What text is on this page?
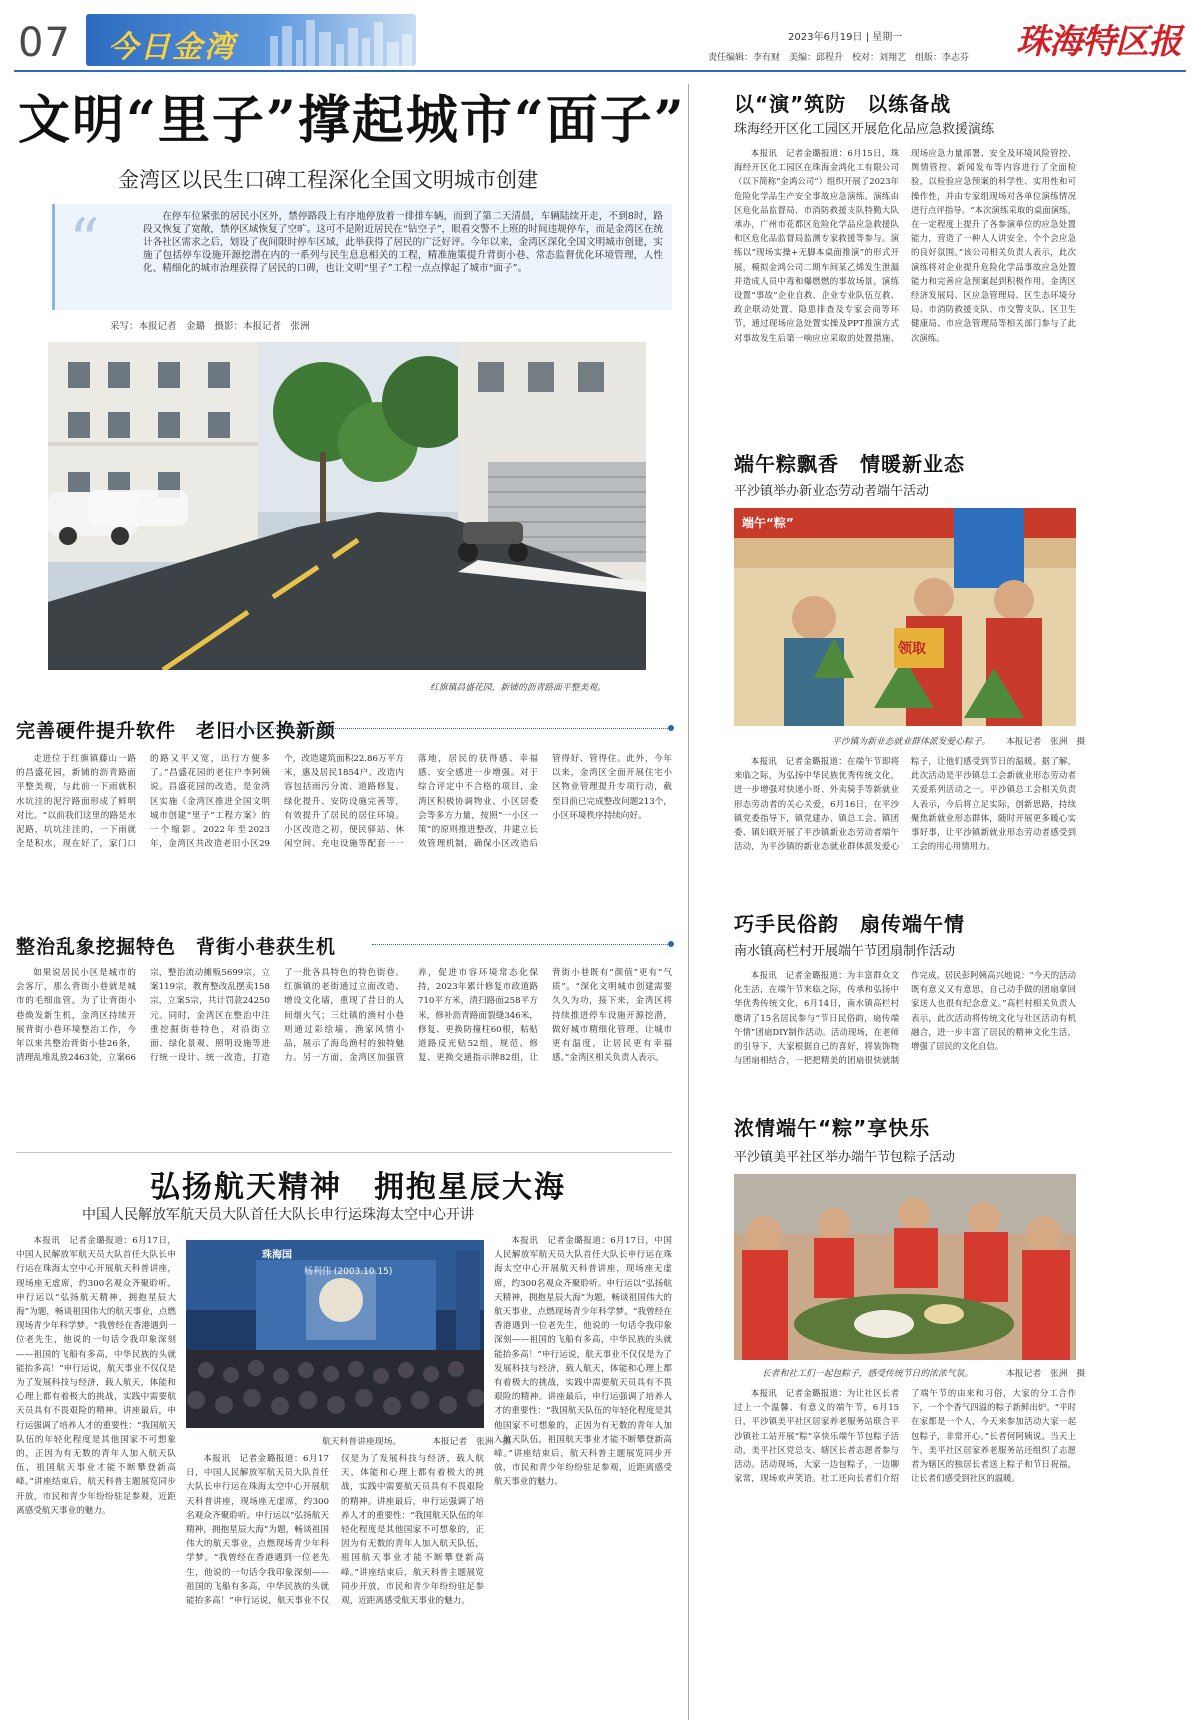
07 今日金湾	2023年6月19日 | 星期一
责任编辑：李有财　美编：邱程升　校对：刘翔艺　组版：李志芬 珠海特区报
文明“里子”撑起城市“面子”
金湾区以民生口碑工程深化全国文明城市创建
“	在停车位紧张的居民小区外，禁停路段上有序地停放着一排排车辆，而到了第二天清晨，车辆陆续开走，不到8时，路段又恢复了宽敞，禁停区域恢复了空旷。这可不是附近居民在“钻空子”，眼看交警不上班的时间违规停车，而是金湾区在统计各社区需求之后，划设了夜间限时停车区域，此举获得了居民的广泛好评。今年以来，金湾区深化全国文明城市创建，实施了包括停车设施开源挖潜在内的一系列与民生息息相关的工程，精准施策提升背街小巷、常态监督优化环境管理，人性化、精细化的城市治理获得了居民的口碑，也让文明“里子”工程一点点撑起了城市“面子”。
采写：本报记者　金璐　摄影：本报记者　张洲
红旗镇昌盛花园，新铺的沥青路面平整美观。
完善硬件提升软件　老旧小区换新颜
走进位于红旗镇藤山一路的昌盛花园，新铺的沥青路面平整美观，与此前一下雨就积水坑洼的泥泞路面形成了鲜明对比。“以前我们这里的路是水泥路，坑坑洼洼的，一下雨就全是积水，现在好了，家门口的路又平又宽，出行方便多了。”昌盛花园的老住户李阿姨说。昌盛花园的改造，是金湾区实施《金湾区推进全国文明城市创建“里子”工程方案》的一个缩影。2022年至2023年，金湾区共改造老旧小区29个，改造建筑面积22.86万平方米，惠及居民1854户。改造内容包括雨污分流、道路修复、绿化提升、安防设施完善等，有效提升了居民的居住环境。小区改造之初，便民驿站、休闲空间、充电设施等配套一一落地，居民的获得感、幸福感、安全感进一步增强。对于综合评定中不合格的项目，金湾区积极协调物业、小区居委会等多方力量，按照“一小区一策”的原则推进整改，并建立长效管理机制，确保小区改造后管得好、管得住。此外，今年以来，金湾区全面开展住宅小区物业管理提升专项行动，截至目前已完成整改问题213个，小区环境秩序持续向好。
整治乱象挖掘特色　背街小巷获生机
如果说居民小区是城市的会客厅，那么背街小巷就是城市的毛细血管。为了让背街小巷焕发新生机，金湾区持续开展背街小巷环境整治工作，今年以来共整治背街小巷26条，清理乱堆乱放2463处，立案66宗，整治流动摊贩5699宗，立案119宗，教育整改乱摆卖158宗，立案5宗，共计罚款24250元。同时，金湾区在整治中注重挖掘街巷特色，对沿街立面、绿化景观、照明设施等进行统一设计、统一改造，打造了一批各具特色的特色街巷。红旗镇的老街通过立面改造、增设文化墙，重现了昔日的人间烟火气；三灶镇的渔村小巷则通过彩绘墙、渔家风情小品，展示了海岛渔村的独特魅力。另一方面，金湾区加强管养，促进市容环境常态化保持，2023年累计修复市政道路710平方米，清扫路面258平方米，修补沥青路面裂缝346米，修复、更换防撞柱60根，粘贴道路反光贴52组，规范、修复、更换交通指示牌82组，让背街小巷既有“颜值”更有“气质”。“深化文明城市创建需要久久为功，接下来，金湾区将持续推进停车设施开源挖潜，做好城市精细化管理，让城市更有温度，让居民更有幸福感。”金湾区相关负责人表示。
弘扬航天精神　拥抱星辰大海
中国人民解放军航天员大队首任大队长申行运珠海太空中心开讲
本报讯　记者金璐报道：6月17日，中国人民解放军航天员大队首任大队长申行运在珠海太空中心开展航天科普讲座，现场座无虚席，约300名观众齐聚聆听。申行运以“弘扬航天精神，拥抱星辰大海”为题，畅谈祖国伟大的航天事业，点燃现场青少年科学梦。“我曾经在香港遇到一位老先生，他说的一句话令我印象深刻——祖国的飞船有多高，中华民族的头就能抬多高！”申行运说，航天事业不仅仅是为了发展科技与经济，载人航天，体能和心理上都有着极大的挑战，实践中需要航天员具有不畏艰险的精神。讲座最后，申行运强调了培养人才的重要性：“我国航天队伍的年轻化程度是其他国家不可想象的，正因为有无数的青年人加入航天队伍，祖国航天事业才能不断攀登新高峰。”讲座结束后，航天科普主题展览同步开放，市民和青少年纷纷驻足参观，近距离感受航天事业的魅力。
杨利伟 (2003.10.15)
珠海国
航天科普讲座现场。	本报记者　张洲　摄
本报讯　记者金璐报道：6月17日，中国人民解放军航天员大队首任大队长申行运在珠海太空中心开展航天科普讲座，现场座无虚席，约300名观众齐聚聆听。申行运以“弘扬航天精神，拥抱星辰大海”为题，畅谈祖国伟大的航天事业，点燃现场青少年科学梦。“我曾经在香港遇到一位老先生，他说的一句话令我印象深刻——祖国的飞船有多高，中华民族的头就能抬多高！”申行运说，航天事业不仅仅是为了发展科技与经济，载人航天，体能和心理上都有着极大的挑战，实践中需要航天员具有不畏艰险的精神。讲座最后，申行运强调了培养人才的重要性：“我国航天队伍的年轻化程度是其他国家不可想象的，正因为有无数的青年人加入航天队伍，祖国航天事业才能不断攀登新高峰。”讲座结束后，航天科普主题展览同步开放，市民和青少年纷纷驻足参观，近距离感受航天事业的魅力。
本报讯　记者金璐报道：6月17日，中国人民解放军航天员大队首任大队长申行运在珠海太空中心开展航天科普讲座，现场座无虚席，约300名观众齐聚聆听。申行运以“弘扬航天精神，拥抱星辰大海”为题，畅谈祖国伟大的航天事业，点燃现场青少年科学梦。“我曾经在香港遇到一位老先生，他说的一句话令我印象深刻——祖国的飞船有多高，中华民族的头就能抬多高！”申行运说，航天事业不仅仅是为了发展科技与经济，载人航天，体能和心理上都有着极大的挑战，实践中需要航天员具有不畏艰险的精神。讲座最后，申行运强调了培养人才的重要性：“我国航天队伍的年轻化程度是其他国家不可想象的，正因为有无数的青年人加入航天队伍，祖国航天事业才能不断攀登新高峰。”讲座结束后，航天科普主题展览同步开放，市民和青少年纷纷驻足参观，近距离感受航天事业的魅力。
以“演”筑防　以练备战
珠海经开区化工园区开展危化品应急救援演练
本报讯　记者金璐报道：6月15日，珠海经开区化工园区在珠海金鸿化工有限公司（以下简称“金鸿公司”）组织开展了2023年危险化学品生产安全事故应急演练。演练由区危化品监督局、市消防救援支队特勤大队承办，广州市花都区危险化学品应急救援队和区危化品监督局监测专家救援等参与。演练以“现场实操+无脚本桌面推演”的形式开展，模拟金鸿公司二期车间某乙烯发生泄漏并造成人员中毒和爆燃燃的事故场景。演练设置“事故”企业自救、企业专业队伍互救、政企联动处置、隐患排查及专家会商等环节，通过现场应急处置实操及PPT推演方式对事故发生后第一响应应采取的处置措施、现场应急力量部署、安全及环境风险管控、舆情管控、新闻发布等内容进行了全面检验，以检验应急预案的科学性、实用性和可操作性，并由专家组现场对各单位演练情况进行点评指导。“本次演练采取的桌面演练，在一定程度上提升了各参演单位的应急处置能力，营造了一种人人讲安全、个个会应急的良好氛围。”该公司相关负责人表示，此次演练将对企业提升危险化学品事故应急处置能力和完善应急预案起到积极作用。金湾区经济发展局、区应急管理局、区生态环境分局、市消防救援支队、市交警支队、区卫生健康局、市应急管理局等相关部门参与了此次演练。
端午粽飘香　情暖新业态
平沙镇举办新业态劳动者端午活动
端午“粽”
领取
平沙镇为新业态就业群体派发爱心粽子。 本报记者　张洲　摄
本报讯　记者金璐报道：在端午节即将来临之际，为弘扬中华民族优秀传统文化，进一步增强对快递小哥、外卖骑手等新就业形态劳动者的关心关爱，6月16日，在平沙镇党委指导下，镇党建办、镇总工会、镇团委、镇妇联开展了平沙镇新业态劳动者端午活动，为平沙镇的新业态就业群体派发爱心粽子，让他们感受到节日的温暖。据了解，此次活动是平沙镇总工会新就业形态劳动者关爱系列活动之一。平沙镇总工会相关负责人表示，今后将立足实际，创新思路，持续聚焦新就业形态群体，随时开展更多暖心实事好事，让平沙镇新就业形态劳动者感受到工会的用心用情用力。
巧手民俗韵　扇传端午情
南水镇高栏村开展端午节团扇制作活动
本报讯　记者金璐报道：为丰富群众文化生活，在端午节来临之际，传承和弘扬中华优秀传统文化，6月14日，南水镇高栏村邀请了15名居民参与“节日民俗韵，扇传端午情”团扇DIY制作活动。活动现场，在老师的引导下，大家根据自己的喜好，将装饰物与团扇相结合，一把把精美的团扇很快就制作完成。居民彭阿姨高兴地说：“今天的活动既有意义又有意思，自己动手做的团扇拿回家送人也很有纪念意义。”高栏村相关负责人表示，此次活动将传统文化与社区活动有机融合，进一步丰富了居民的精神文化生活，增强了居民的文化自信。
浓情端午“粽”享快乐
平沙镇美平社区举办端午节包粽子活动
长者和社工们一起包粽子，感受传统节日的浓浓气氛。	本报记者　张洲　摄
本报讯　记者金璐报道：为让社区长者过上一个温馨、有意义的端午节，6月15日，平沙镇美平社区居家养老服务站联合平沙镇社工站开展“粽”享快乐端午节包粽子活动，美平社区党总支、辖区长者志愿者参与活动。活动现场，大家一边包粽子，一边聊家常，现场欢声笑语。社工还向长者们介绍了端午节的由来和习俗，大家的分工合作下，一个个香气四溢的粽子新鲜出炉。“平时在家都是一个人，今天来参加活动大家一起包粽子，非常开心。”长者何阿姨说。当天上午，美平社区居家养老服务站还组织了志愿者为辖区的独居长者送上粽子和节日祝福，让长者们感受到社区的温暖。
